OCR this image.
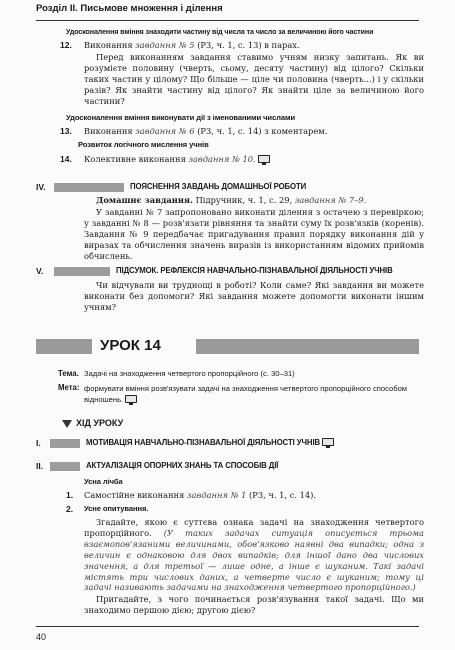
Розділ ІІ. Письмове множення і ділення
Удосконалення вміння знаходити частину від числа та число за величиною його частини
12. Виконання завдання № 5 (Р3, ч. 1, с. 13) в парах.
Перед виконанням завдання ставимо учням низку запитань. Як ви розумієте половину (чверть, сьому, десяту частину) від цілого? Скільки таких частин у цілому? Що більше — ціле чи половина (чверть...) і у скільки разів? Як знайти частину від цілого? Як знайти ціле за величиною його частини?
Удосконалення вміння виконувати дії з іменованими числами
13. Виконання завдання № 6 (Р3, ч. 1, с. 14) з коментарем.
Розвиток логічного мислення учнів
14. Колективне виконання завдання № 10.
IV.	ПОЯСНЕННЯ ЗАВДАНЬ ДОМАШНЬОЇ РОБОТИ
Домашнє завдання. Підручник, ч. 1, с. 29, завдання № 7–9.
У завданні № 7 запропоновано виконати ділення з остачею з перевіркою; у завданні № 8 — розв'язати рівняння та знайти суму їх розв'язків (коренів). Завдання № 9 передбачає пригадування правил порядку виконання дій у виразах та обчислення значень виразів із використанням відомих прийомів обчислень.
V.	ПІДСУМОК. РЕФЛЕКСІЯ НАВЧАЛЬНО-ПІЗНАВАЛЬНОЇ ДІЯЛЬНОСТІ УЧНІВ
Чи відчували ви труднощі в роботі? Коли саме? Які завдання ви можете виконати без допомоги? Які завдання можете допомогти виконати іншим учням?
УРОК 14
Тема. Задачі на знаходження четвертого пропорційного (с. 30–31)
Мета: формувати вміння розв'язувати задачі на знаходження четвертого пропорційного способом відношень.
ХІД УРОКУ
I.	МОТИВАЦІЯ НАВЧАЛЬНО-ПІЗНАВАЛЬНОЇ ДІЯЛЬНОСТІ УЧНІВ
II.	АКТУАЛІЗАЦІЯ ОПОРНИХ ЗНАНЬ ТА СПОСОБІВ ДІЇ
Усна лічба
1. Самостійне виконання завдання № 1 (Р3, ч. 1, с. 14).
2. Усне опитування.
Згадайте, якою є суттєва ознака задачі на знаходження четвертого пропорційного. (У таких задачах ситуація описується трьома взаємопов'язаними величинами, обов'язково наявні два випадки; одна з величин є однаковою для двох випадків; для іншої дано два числових значення, а для третьої — лише одне, а інше є шуканим. Такі задачі містять три числових даних, а четверте число є шуканим; тому ці задачі називають задачами на знаходження четвертого пропорційного.)
Пригадайте, з чого починається розв'язування такої задачі. Що ми знаходимо першою дією; другою дією?
40
